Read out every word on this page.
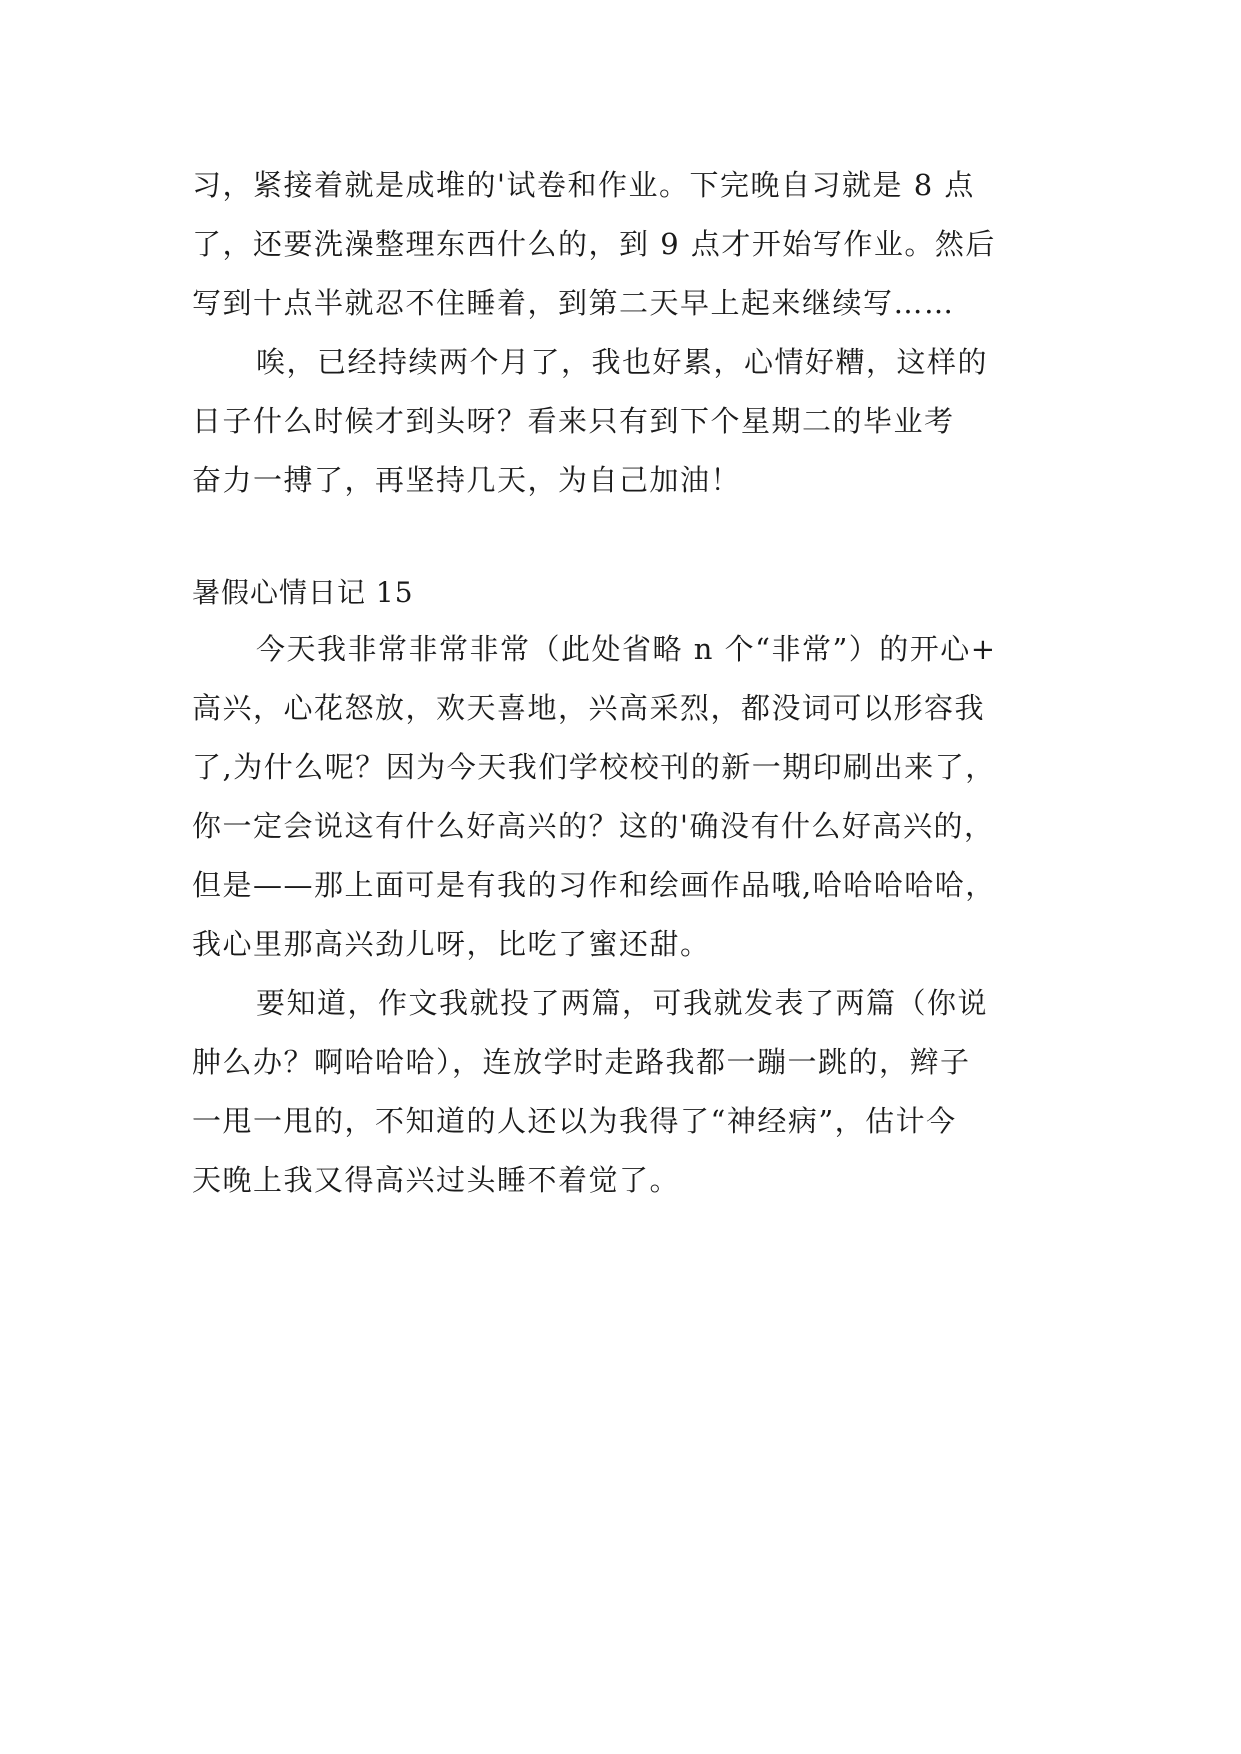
习，紧接着就是成堆的'试卷和作业。下完晚自习就是 8 点
了，还要洗澡整理东西什么的，到 9 点才开始写作业。然后
写到十点半就忍不住睡着，到第二天早上起来继续写……
唉，已经持续两个月了，我也好累，心情好糟，这样的
日子什么时候才到头呀？看来只有到下个星期二的毕业考
奋力一搏了，再坚持几天，为自己加油！
暑假心情日记 15
今天我非常非常非常（此处省略 n 个“非常”）的开心+
高兴，心花怒放，欢天喜地，兴高采烈，都没词可以形容我
了,为什么呢？因为今天我们学校校刊的新一期印刷出来了，
你一定会说这有什么好高兴的？这的'确没有什么好高兴的，
但是——那上面可是有我的习作和绘画作品哦,哈哈哈哈哈，
我心里那高兴劲儿呀，比吃了蜜还甜。
要知道，作文我就投了两篇，可我就发表了两篇（你说
肿么办？啊哈哈哈），连放学时走路我都一蹦一跳的，辫子
一甩一甩的，不知道的人还以为我得了“神经病”，估计今
天晚上我又得高兴过头睡不着觉了。
